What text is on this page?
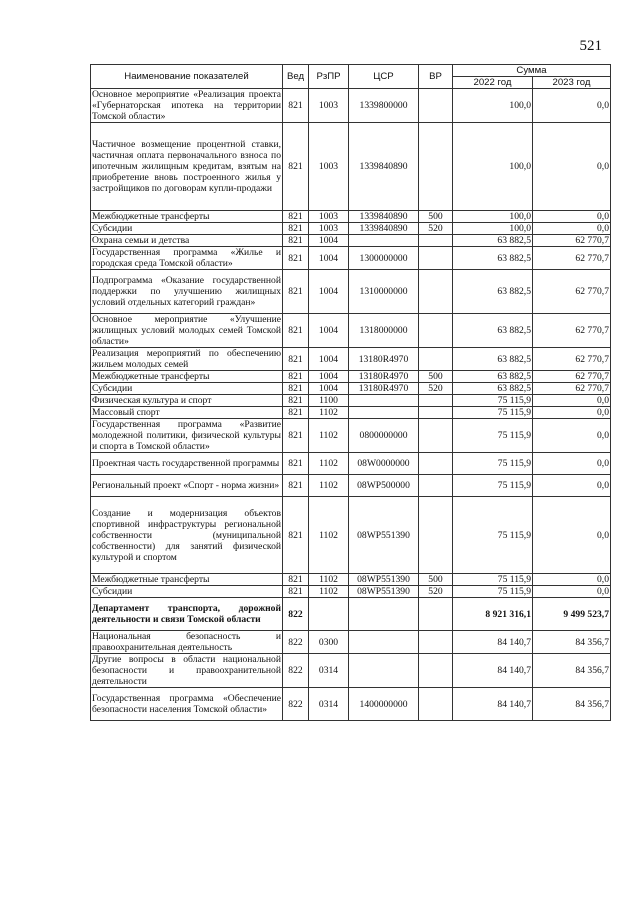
521
Наименование показателей	Вед	РзПР	ЦСР	ВР	Сумма	
					2022 год	2023 год
Основное мероприятие «Реализация проекта «Губернаторская ипотека на территории Томской области»	821	1003	1339800000		100,0	0,0
Частичное возмещение процентной ставки, частичная оплата первоначального взноса по ипотечным жилищным кредитам, взятым на приобретение вновь построенного жилья у застройщиков по договорам купли-продажи	821	1003	1339840890		100,0	0,0
Межбюджетные трансферты	821	1003	1339840890	500	100,0	0,0
Субсидии	821	1003	1339840890	520	100,0	0,0
Охрана семьи и детства	821	1004			63 882,5	62 770,7
Государственная программа «Жилье и городская среда Томской области»	821	1004	1300000000		63 882,5	62 770,7
Подпрограмма «Оказание государственной поддержки по улучшению жилищных условий отдельных категорий граждан»	821	1004	1310000000		63 882,5	62 770,7
Основное мероприятие «Улучшение жилищных условий молодых семей Томской области»	821	1004	1318000000		63 882,5	62 770,7
Реализация мероприятий по обеспечению жильем молодых семей	821	1004	13180R4970		63 882,5	62 770,7
Межбюджетные трансферты	821	1004	13180R4970	500	63 882,5	62 770,7
Субсидии	821	1004	13180R4970	520	63 882,5	62 770,7
Физическая культура и спорт	821	1100			75 115,9	0,0
Массовый спорт	821	1102			75 115,9	0,0
Государственная программа «Развитие молодежной политики, физической культуры и спорта в Томской области»	821	1102	0800000000		75 115,9	0,0
Проектная часть государственной программы	821	1102	08W0000000		75 115,9	0,0
Региональный проект «Спорт - норма жизни»	821	1102	08WP500000		75 115,9	0,0
Создание и модернизация объектов спортивной инфраструктуры региональной собственности (муниципальной собственности) для занятий физической культурой и спортом	821	1102	08WP551390		75 115,9	0,0
Межбюджетные трансферты	821	1102	08WP551390	500	75 115,9	0,0
Субсидии	821	1102	08WP551390	520	75 115,9	0,0
Департамент транспорта, дорожной деятельности и связи Томской области	822				8 921 316,1	9 499 523,7
Национальная безопасность и правоохранительная деятельность	822	0300			84 140,7	84 356,7
Другие вопросы в области национальной безопасности и правоохранительной деятельности	822	0314			84 140,7	84 356,7
Государственная программа «Обеспечение безопасности населения Томской области»	822	0314	1400000000		84 140,7	84 356,7
